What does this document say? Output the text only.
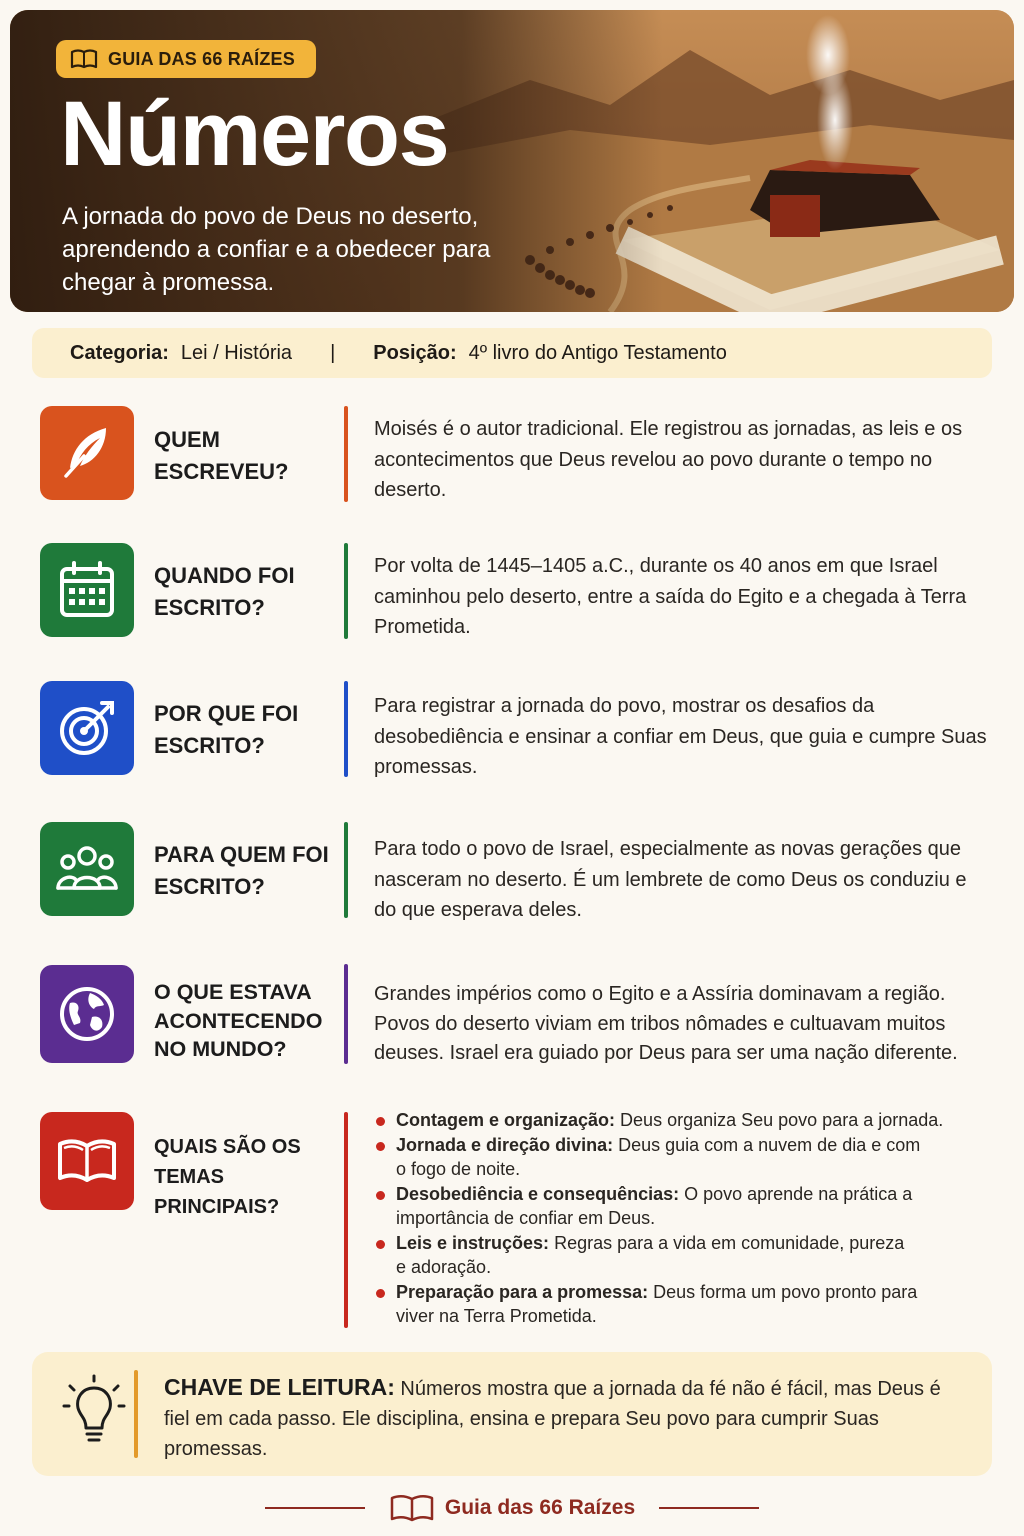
GUIA DAS 66 RAÍZES
Números
A jornada do povo de Deus no deserto, aprendendo a confiar e a obedecer para chegar à promessa.
Categoria: Lei / História | Posição: 4º livro do Antigo Testamento
QUEM ESCREVEU?
Moisés é o autor tradicional. Ele registrou as jornadas, as leis e os acontecimentos que Deus revelou ao povo durante o tempo no deserto.
QUANDO FOI ESCRITO?
Por volta de 1445–1405 a.C., durante os 40 anos em que Israel caminhou pelo deserto, entre a saída do Egito e a chegada à Terra Prometida.
POR QUE FOI ESCRITO?
Para registrar a jornada do povo, mostrar os desafios da desobediência e ensinar a confiar em Deus, que guia e cumpre Suas promessas.
PARA QUEM FOI ESCRITO?
Para todo o povo de Israel, especialmente as novas gerações que nasceram no deserto. É um lembrete de como Deus os conduziu e do que esperava deles.
O QUE ESTAVA ACONTECENDO NO MUNDO?
Grandes impérios como o Egito e a Assíria dominavam a região. Povos do deserto viviam em tribos nômades e cultuavam muitos deuses. Israel era guiado por Deus para ser uma nação diferente.
QUAIS SÃO OS TEMAS PRINCIPAIS?
Contagem e organização: Deus organiza Seu povo para a jornada.
Jornada e direção divina: Deus guia com a nuvem de dia e com o fogo de noite.
Desobediência e consequências: O povo aprende na prática a importância de confiar em Deus.
Leis e instruções: Regras para a vida em comunidade, pureza e adoração.
Preparação para a promessa: Deus forma um povo pronto para viver na Terra Prometida.
CHAVE DE LEITURA: Números mostra que a jornada da fé não é fácil, mas Deus é fiel em cada passo. Ele disciplina, ensina e prepara Seu povo para cumprir Suas promessas.
Guia das 66 Raízes
